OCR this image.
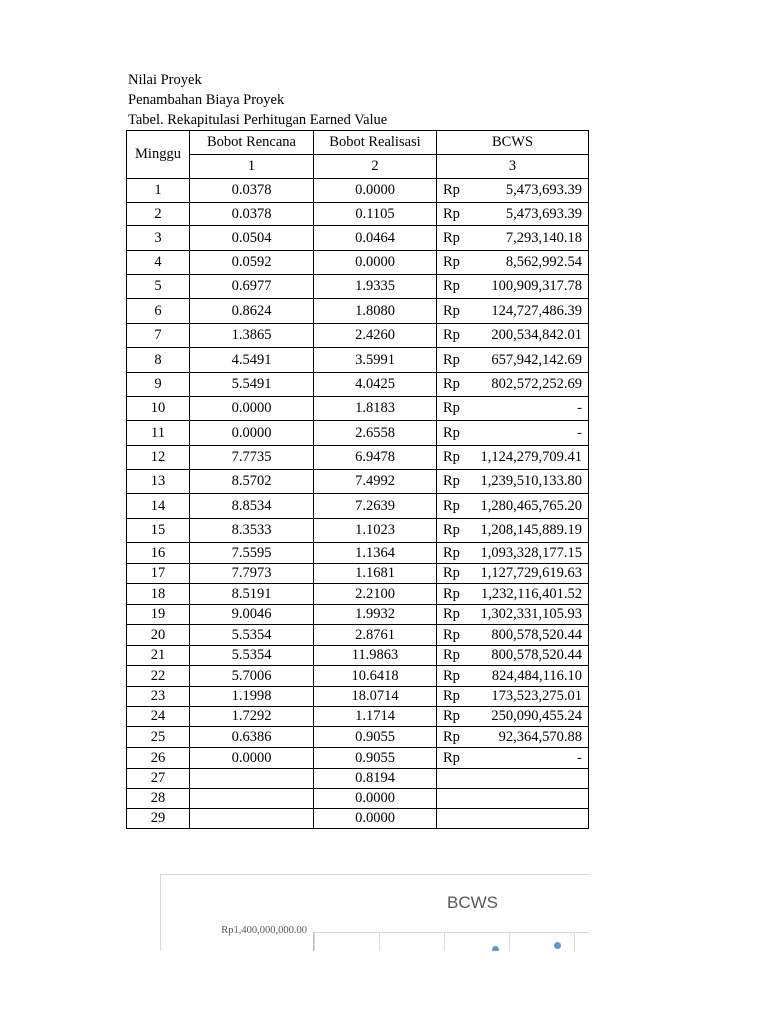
Nilai Proyek
Penambahan Biaya Proyek
Tabel. Rekapitulasi Perhitugan Earned Value
Minggu	Bobot Rencana	Bobot Realisasi	BCWS	
	1	2	3	
1	0.0378	0.0000	Rp	5,473,693.39
2	0.0378	0.1105	Rp	5,473,693.39
3	0.0504	0.0464	Rp	7,293,140.18
4	0.0592	0.0000	Rp	8,562,992.54
5	0.6977	1.9335	Rp	100,909,317.78
6	0.8624	1.8080	Rp	124,727,486.39
7	1.3865	2.4260	Rp	200,534,842.01
8	4.5491	3.5991	Rp	657,942,142.69
9	5.5491	4.0425	Rp	802,572,252.69
10	0.0000	1.8183	Rp	-
11	0.0000	2.6558	Rp	-
12	7.7735	6.9478	Rp	1,124,279,709.41
13	8.5702	7.4992	Rp	1,239,510,133.80
14	8.8534	7.2639	Rp	1,280,465,765.20
15	8.3533	1.1023	Rp	1,208,145,889.19
16	7.5595	1.1364	Rp	1,093,328,177.15
17	7.7973	1.1681	Rp	1,127,729,619.63
18	8.5191	2.2100	Rp	1,232,116,401.52
19	9.0046	1.9932	Rp	1,302,331,105.93
20	5.5354	2.8761	Rp	800,578,520.44
21	5.5354	11.9863	Rp	800,578,520.44
22	5.7006	10.6418	Rp	824,484,116.10
23	1.1998	18.0714	Rp	173,523,275.01
24	1.7292	1.1714	Rp	250,090,455.24
25	0.6386	0.9055	Rp	92,364,570.88
26	0.0000	0.9055	Rp	-
27		0.8194		
28		0.0000		
29		0.0000		
BCWS
Rp1,400,000,000.00
